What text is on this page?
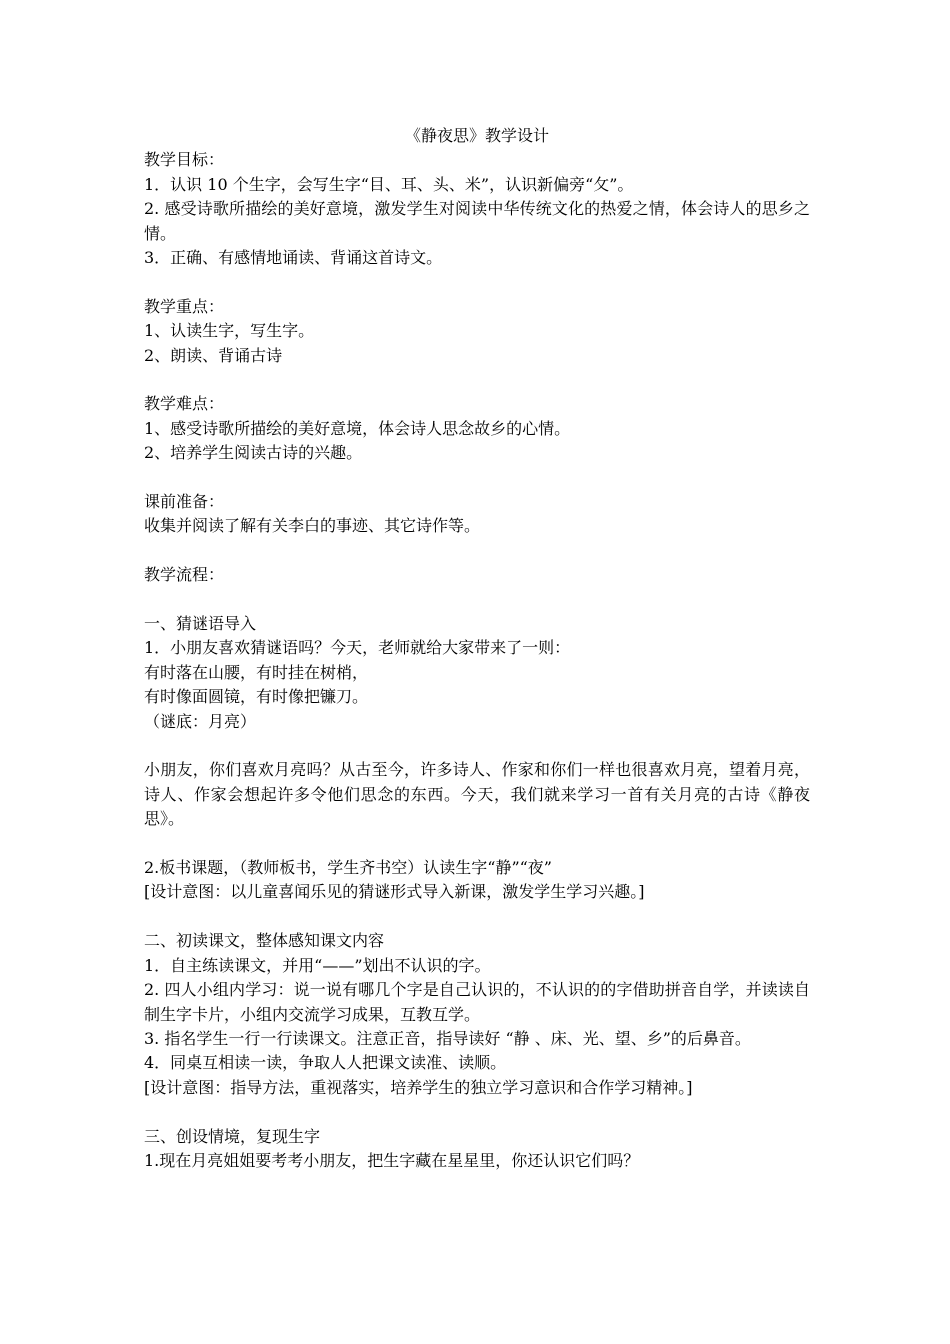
《静夜思》教学设计

教学目标：

1．认识 10 个生字，会写生字“目、耳、头、米”，认识新偏旁“攵”。

2. 感受诗歌所描绘的美好意境，激发学生对阅读中华传统文化的热爱之情，体会诗人的思乡之情。

3．正确、有感情地诵读、背诵这首诗文。

教学重点：

1、认读生字，写生字。

2、朗读、背诵古诗

教学难点：

1、感受诗歌所描绘的美好意境，体会诗人思念故乡的心情。

2、培养学生阅读古诗的兴趣。

课前准备：

收集并阅读了解有关李白的事迹、其它诗作等。

教学流程：

一、猜谜语导入

1．小朋友喜欢猜谜语吗？今天，老师就给大家带来了一则：

有时落在山腰，有时挂在树梢，

有时像面圆镜，有时像把镰刀。

（谜底：月亮）

小朋友，你们喜欢月亮吗？从古至今，许多诗人、作家和你们一样也很喜欢月亮，望着月亮，诗人、作家会想起许多令他们思念的东西。今天，我们就来学习一首有关月亮的古诗《静夜思》。

2.板书课题，（教师板书，学生齐书空）认读生字“静”“夜”

[设计意图：以儿童喜闻乐见的猜谜形式导入新课，激发学生学习兴趣。]

二、初读课文，整体感知课文内容

1．自主练读课文，并用“——”划出不认识的字。

2. 四人小组内学习：说一说有哪几个字是自己认识的，不认识的的字借助拼音自学，并读读自制生字卡片，小组内交流学习成果，互教互学。

3. 指名学生一行一行读课文。注意正音，指导读好 “静 、床、光、望、乡”的后鼻音。

4．同桌互相读一读，争取人人把课文读准、读顺。

[设计意图：指导方法，重视落实，培养学生的独立学习意识和合作学习精神。]

三、创设情境，复现生字

1.现在月亮姐姐要考考小朋友，把生字藏在星星里，你还认识它们吗？
